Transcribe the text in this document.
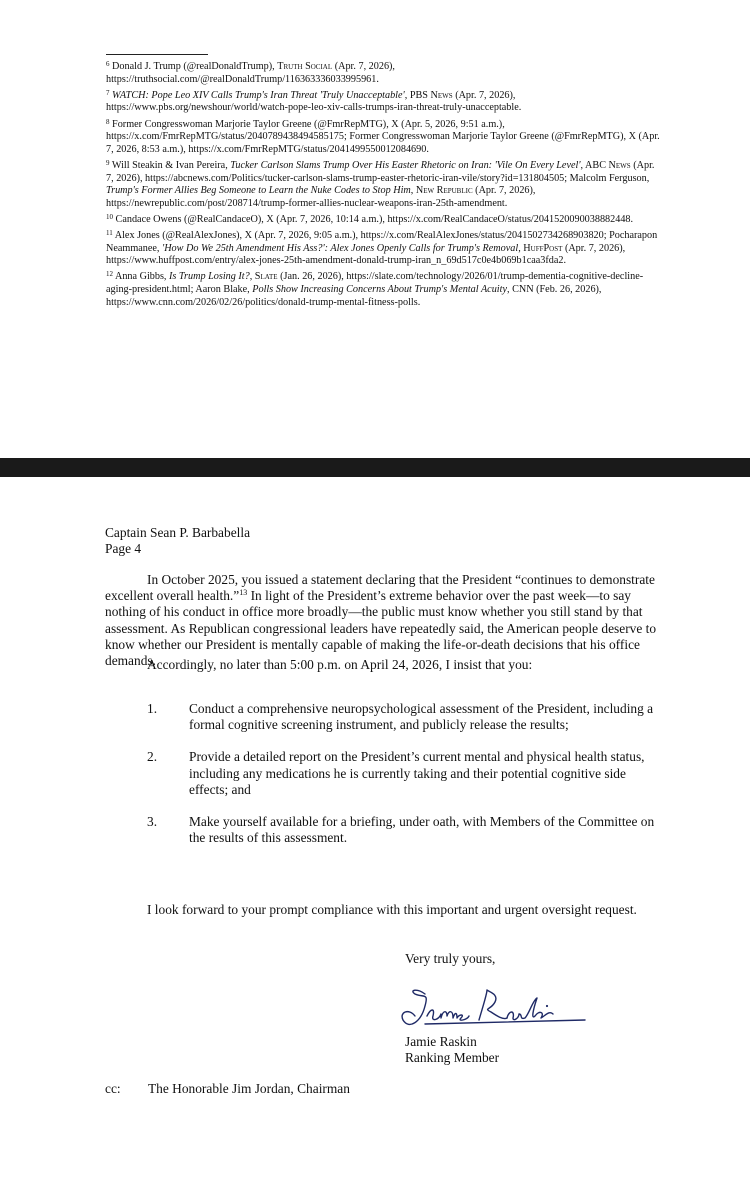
$^6$ Donald J. Trump (@realDonaldTrump), Truth Social (Apr. 7, 2026), https://truthsocial.com/@realDonaldTrump/116363336033995961.

$^7$ WATCH: Pope Leo XIV Calls Trump's Iran Threat 'Truly Unacceptable', PBS News (Apr. 7, 2026), https://www.pbs.org/newshour/world/watch-pope-leo-xiv-calls-trumps-iran-threat-truly-unacceptable.

$^8$ Former Congresswoman Marjorie Taylor Greene (@FmrRepMTG), X (Apr. 5, 2026, 9:51 a.m.), https://x.com/FmrRepMTG/status/2040789438494585175; Former Congresswoman Marjorie Taylor Greene (@FmrRepMTG), X (Apr. 7, 2026, 8:53 a.m.), https://x.com/FmrRepMTG/status/2041499550012084690.

$^9$ Will Steakin & Ivan Pereira, Tucker Carlson Slams Trump Over His Easter Rhetoric on Iran: 'Vile On Every Level', ABC News (Apr. 7, 2026), https://abcnews.com/Politics/tucker-carlson-slams-trump-easter-rhetoric-iran-vile/story?id=131804505; Malcolm Ferguson, Trump's Former Allies Beg Someone to Learn the Nuke Codes to Stop Him, New Republic (Apr. 7, 2026), https://newrepublic.com/post/208714/trump-former-allies-nuclear-weapons-iran-25th-amendment.

$^{10}$ Candace Owens (@RealCandaceO), X (Apr. 7, 2026, 10:14 a.m.), https://x.com/RealCandaceO/status/2041520090038882448.

$^{11}$ Alex Jones (@RealAlexJones), X (Apr. 7, 2026, 9:05 a.m.), https://x.com/RealAlexJones/status/2041502734268903820; Pocharapon Neammanee, 'How Do We 25th Amendment His Ass?': Alex Jones Openly Calls for Trump's Removal, HuffPost (Apr. 7, 2026), https://www.huffpost.com/entry/alex-jones-25th-amendment-donald-trump-iran_n_69d517c0e4b069b1caa3fda2.

$^{12}$ Anna Gibbs, Is Trump Losing It?, Slate (Jan. 26, 2026), https://slate.com/technology/2026/01/trump-dementia-cognitive-decline-aging-president.html; Aaron Blake, Polls Show Increasing Concerns About Trump's Mental Acuity, CNN (Feb. 26, 2026), https://www.cnn.com/2026/02/26/politics/donald-trump-mental-fitness-polls.

Captain Sean P. Barbabella
Page 4
In October 2025, you issued a statement declaring that the President “continues to demonstrate excellent overall health.”$^{13}$ In light of the President’s extreme behavior over the past week—to say nothing of his conduct in office more broadly—the public must know whether you still stand by that assessment. As Republican congressional leaders have repeatedly said, the American people deserve to know whether our President is mentally capable of making the life-or-death decisions that his office demands.
Accordingly, no later than 5:00 p.m. on April 24, 2026, I insist that you:
1. Conduct a comprehensive neuropsychological assessment of the President, including a formal cognitive screening instrument, and publicly release the results;
2. Provide a detailed report on the President’s current mental and physical health status, including any medications he is currently taking and their potential cognitive side effects; and
3. Make yourself available for a briefing, under oath, with Members of the Committee on the results of this assessment.
I look forward to your prompt compliance with this important and urgent oversight request.
Very truly yours,
Jamie Raskin
Ranking Member
cc: The Honorable Jim Jordan, Chairman
